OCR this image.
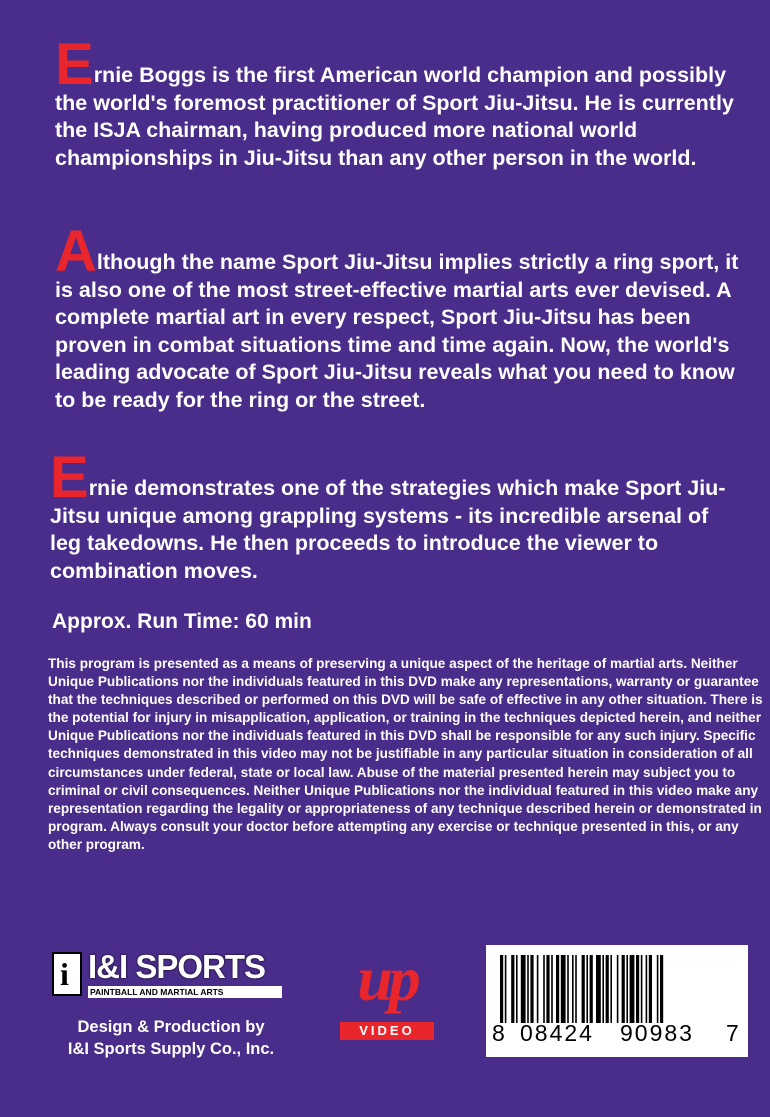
Ernie Boggs is the first American world champion and possibly the world's foremost practitioner of Sport Jiu-Jitsu. He is currently the ISJA chairman, having produced more national world championships in Jiu-Jitsu than any other person in the world.

Although the name Sport Jiu-Jitsu implies strictly a ring sport, it is also one of the most street-effective martial arts ever devised. A complete martial art in every respect, Sport Jiu-Jitsu has been proven in combat situations time and time again. Now, the world's leading advocate of Sport Jiu-Jitsu reveals what you need to know to be ready for the ring or the street.

Ernie demonstrates one of the strategies which make Sport Jiu-Jitsu unique among grappling systems - its incredible arsenal of leg takedowns. He then proceeds to introduce the viewer to combination moves.

Approx. Run Time: 60 min

This program is presented as a means of preserving a unique aspect of the heritage of martial arts. Neither Unique Publications nor the individuals featured in this DVD make any representations, warranty or guarantee that the techniques described or performed on this DVD will be safe of effective in any other situation. There is the potential for injury in misapplication, application, or training in the techniques depicted herein, and neither Unique Publications nor the individuals featured in this DVD shall be responsible for any such injury. Specific techniques demonstrated in this video may not be justifiable in any particular situation in consideration of all circumstances under federal, state or local law. Abuse of the material presented herein may subject you to criminal or civil consequences. Neither Unique Publications nor the individual featured in this video make any representation regarding the legality or appropriateness of any technique described herein or demonstrated in program. Always consult your doctor before attempting any exercise or technique presented in this, or any other program.

i
I&I SPORTS
PAINTBALL AND MARTIAL ARTS
Design & Production by
I&I Sports Supply Co., Inc.
up
VIDEO	8 08424 90983 7
